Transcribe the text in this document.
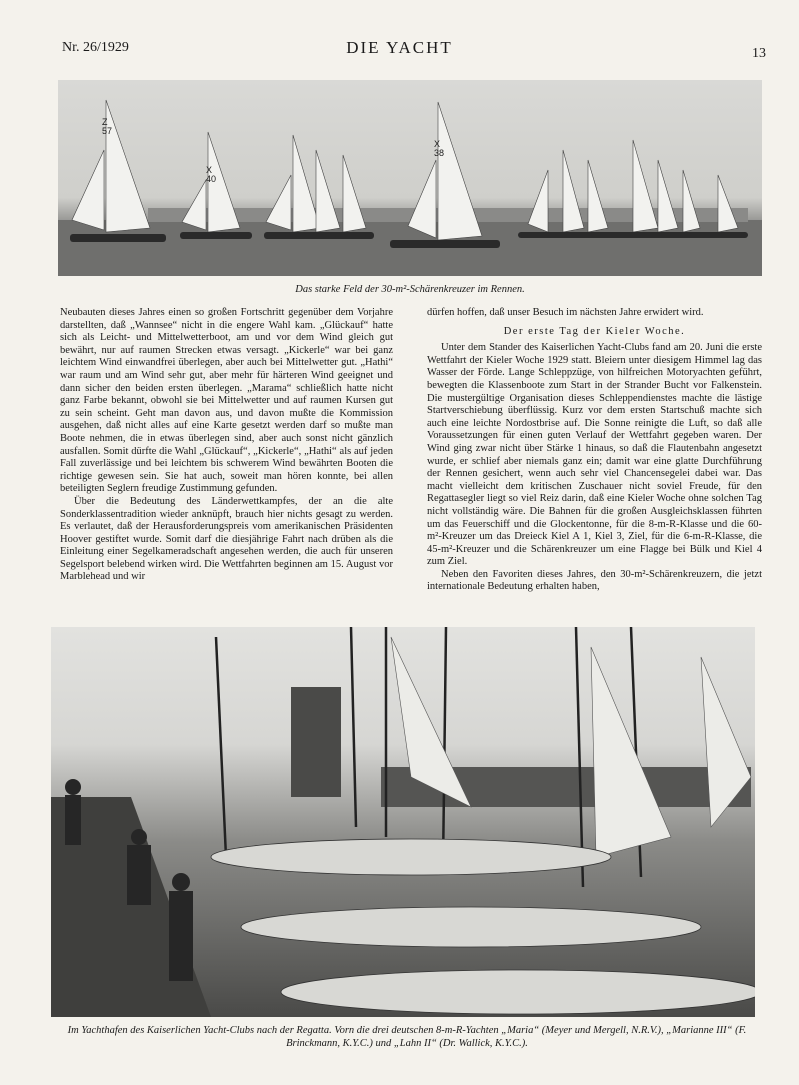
Nr. 26/1929	DIE YACHT	13
Z 57
X 40
X 38
Das starke Feld der 30-m²-Schärenkreuzer im Rennen.

Neubauten dieses Jahres einen so großen Fortschritt gegenüber dem Vorjahre darstellten, daß „Wannsee“ nicht in die engere Wahl kam. „Glückauf“ hatte sich als Leicht- und Mittelwetterboot, am und vor dem Wind gleich gut bewährt, nur auf raumen Strecken etwas versagt. „Kickerle“ war bei ganz leichtem Wind einwandfrei überlegen, aber auch bei Mittelwetter gut. „Hathi“ war raum und am Wind sehr gut, aber mehr für härteren Wind geeignet und dann sicher den beiden ersten überlegen. „Marama“ schließlich hatte nicht ganz Farbe bekannt, obwohl sie bei Mittelwetter und auf raumen Kursen gut zu sein scheint. Geht man davon aus, und davon mußte die Kommission ausgehen, daß nicht alles auf eine Karte gesetzt werden darf so mußte man Boote nehmen, die in etwas überlegen sind, aber auch sonst nicht gänzlich ausfallen. Somit dürfte die Wahl „Glückauf“, „Kickerle“, „Hathi“ als auf jeden Fall zuverlässige und bei leichtem bis schwerem Wind bewährten Booten die richtige gewesen sein. Sie hat auch, soweit man hören konnte, bei allen beteiligten Seglern freudige Zustimmung gefunden.

Über die Bedeutung des Länderwettkampfes, der an die alte Sonderklassentradition wieder anknüpft, brauch hier nichts gesagt zu werden. Es verlautet, daß der Herausforderungspreis vom amerikanischen Präsidenten Hoover gestiftet wurde. Somit darf die diesjährige Fahrt nach drüben als die Einleitung einer Segelkameradschaft angesehen werden, die auch für unseren Segelsport belebend wirken wird. Die Wettfahrten beginnen am 15. August vor Marblehead und wir

dürfen hoffen, daß unser Besuch im nächsten Jahre erwidert wird.

Der erste Tag der Kieler Woche.

Unter dem Stander des Kaiserlichen Yacht-Clubs fand am 20. Juni die erste Wettfahrt der Kieler Woche 1929 statt. Bleiern unter diesigem Himmel lag das Wasser der Förde. Lange Schleppzüge, von hilfreichen Motoryachten geführt, bewegten die Klassenboote zum Start in der Strander Bucht vor Falkenstein. Die mustergültige Organisation dieses Schleppendienstes machte die lästige Startverschiebung überflüssig. Kurz vor dem ersten Startschuß machte sich auch eine leichte Nordostbrise auf. Die Sonne reinigte die Luft, so daß alle Voraussetzungen für einen guten Verlauf der Wettfahrt gegeben waren. Der Wind ging zwar nicht über Stärke 1 hinaus, so daß die Flautenbahn angesetzt wurde, er schlief aber niemals ganz ein; damit war eine glatte Durchführung der Rennen gesichert, wenn auch sehr viel Chancensegelei dabei war. Das macht vielleicht dem kritischen Zuschauer nicht soviel Freude, für den Regattasegler liegt so viel Reiz darin, daß eine Kieler Woche ohne solchen Tag nicht vollständig wäre. Die Bahnen für die großen Ausgleichsklassen führten um das Feuerschiff und die Glockentonne, für die 8-m-R-Klasse und die 60-m²-Kreuzer um das Dreieck Kiel A 1, Kiel 3, Ziel, für die 6-m-R-Klasse, die 45-m²-Kreuzer und die Schärenkreuzer um eine Flagge bei Bülk und Kiel 4 zum Ziel.

Neben den Favoriten dieses Jahres, den 30-m²-Schärenkreuzern, die jetzt internationale Bedeutung erhalten haben,

Im Yachthafen des Kaiserlichen Yacht-Clubs nach der Regatta. Vorn die drei deutschen 8-m-R-Yachten „Maria“ (Meyer und Mergell, N.R.V.), „Marianne III“ (F. Brinckmann, K.Y.C.) und „Lahn II“ (Dr. Wallick, K.Y.C.).
